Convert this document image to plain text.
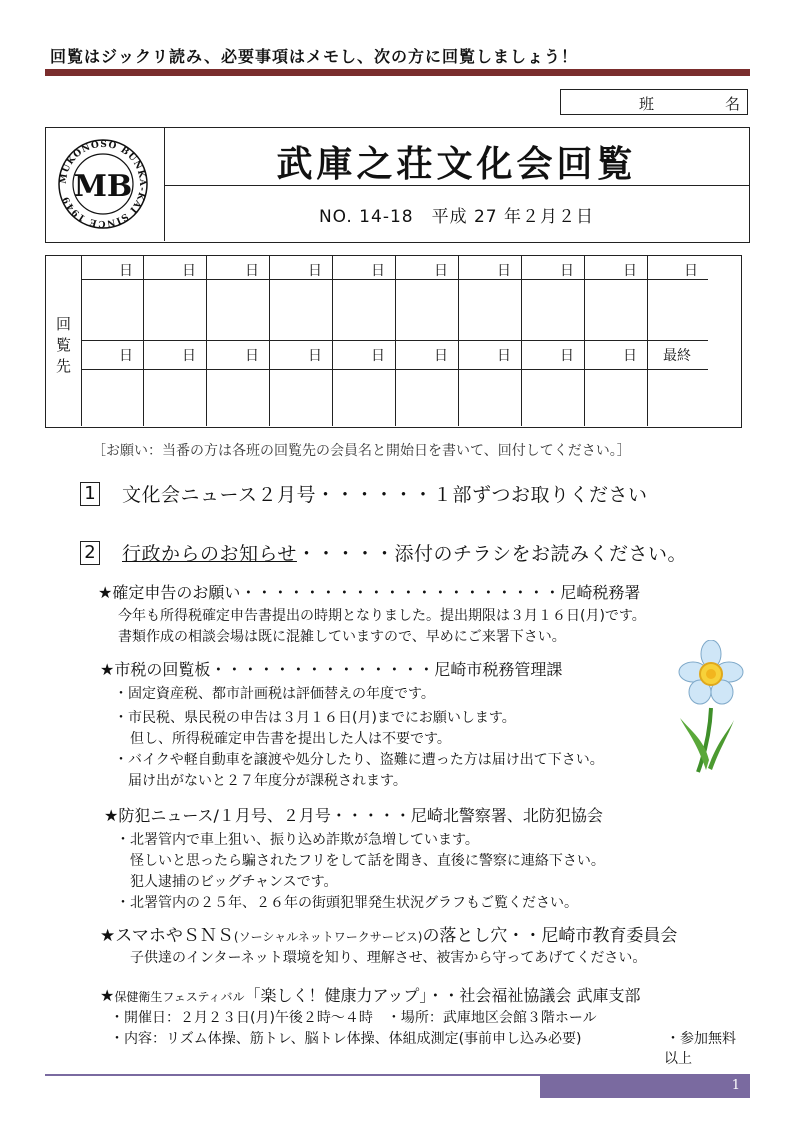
回覧はジックリ読み、必要事項はメモし、次の方に回覧しましょう！
班	名
MUKONOSO BUNKA-KAI SINCE 1949 MB
武庫之荘文化会回覧
NO. 14-18　平成 27 年２月２日
回
覧
先
日	日	日	日	日	日	日	日	日	日
日	日	日	日	日	日	日	日	日 最終
［お願い：当番の方は各班の回覧先の会員名と開始日を書いて、回付してください。］
1 文化会ニュース２月号・・・・・・１部ずつお取りください
2 行政からのお知らせ・・・・・添付のチラシをお読みください。
★確定申告のお願い・・・・・・・・・・・・・・・・・・・・尼崎税務署
今年も所得税確定申告書提出の時期となりました。提出期限は３月１６日(月)です。
書類作成の相談会場は既に混雑していますので、早めにご来署下さい。
★市税の回覧板・・・・・・・・・・・・・・尼崎市税務管理課
・固定資産税、都市計画税は評価替えの年度です。
・市民税、県民税の申告は３月１６日(月)までにお願いします。
但し、所得税確定申告書を提出した人は不要です。
・バイクや軽自動車を譲渡や処分したり、盗難に遭った方は届け出て下さい。
届け出がないと２７年度分が課税されます。
★防犯ニュース/１月号、２月号・・・・・尼崎北警察署、北防犯協会
・北署管内で車上狙い、振り込め詐欺が急増しています。
怪しいと思ったら騙されたフリをして話を聞き、直後に警察に連絡下さい。
犯人逮捕のビッグチャンスです。
・北署管内の２５年、２６年の街頭犯罪発生状況グラフもご覧ください。
★スマホやＳＮＳ(ソーシャルネットワークサービス)の落とし穴・・尼崎市教育委員会
子供達のインターネット環境を知り、理解させ、被害から守ってあげてください。
★保健衛生フェスティバル「楽しく！健康力アップ」・・社会福祉協議会 武庫支部
・開催日：２月２３日(月)午後２時～４時　・場所：武庫地区会館３階ホール
・内容：リズム体操、筋トレ、脳トレ体操、体組成測定(事前申し込み必要)	・参加無料
以上
1
